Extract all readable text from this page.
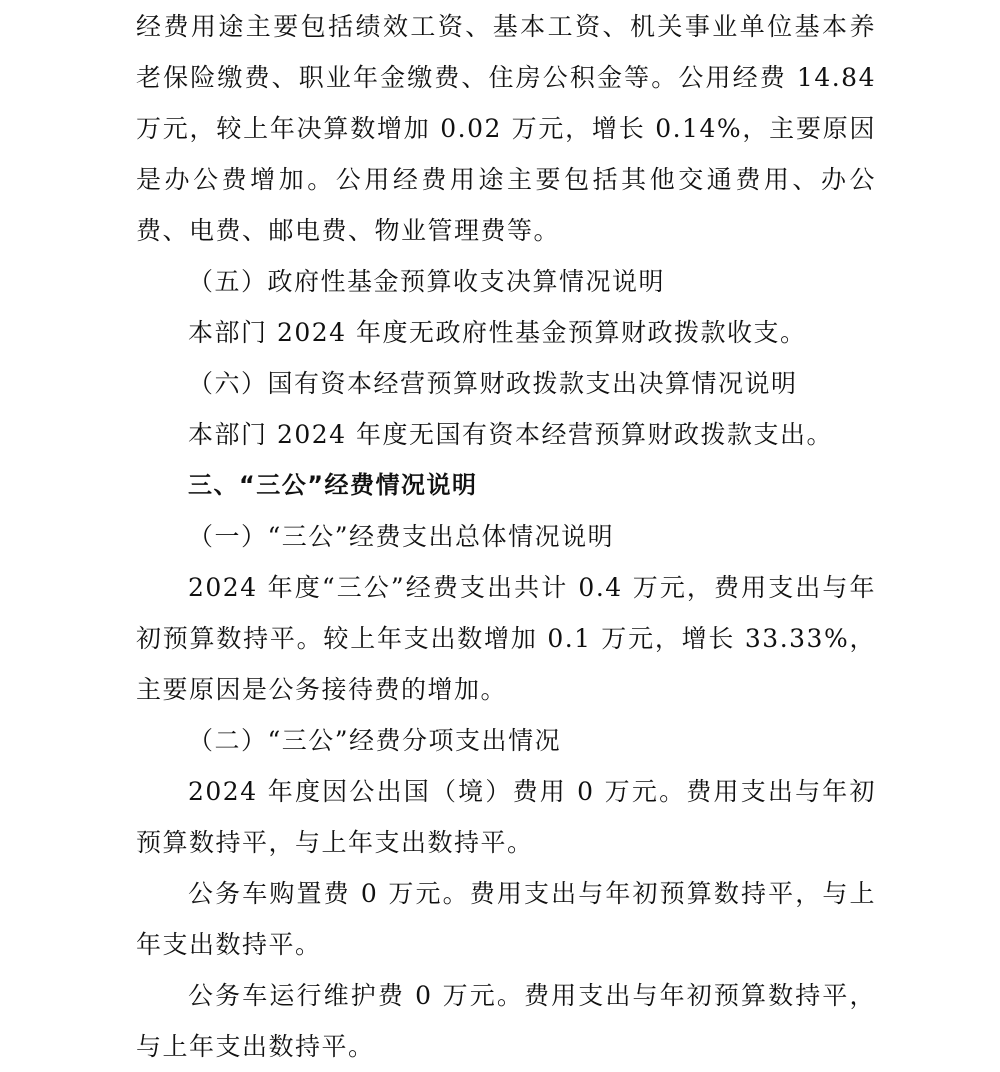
经费用途主要包括绩效工资、基本工资、机关事业单位基本养老保险缴费、职业年金缴费、住房公积金等。公用经费 14.84 万元，较上年决算数增加 0.02 万元，增长 0.14%，主要原因是办公费增加。公用经费用途主要包括其他交通费用、办公费、电费、邮电费、物业管理费等。

（五）政府性基金预算收支决算情况说明

本部门 2024 年度无政府性基金预算财政拨款收支。

（六）国有资本经营预算财政拨款支出决算情况说明

本部门 2024 年度无国有资本经营预算财政拨款支出。

三、“三公”经费情况说明

（一）“三公”经费支出总体情况说明

2024 年度“三公”经费支出共计 0.4 万元，费用支出与年初预算数持平。较上年支出数增加 0.1 万元，增长 33.33%，主要原因是公务接待费的增加。

（二）“三公”经费分项支出情况

2024 年度因公出国（境）费用 0 万元。费用支出与年初预算数持平，与上年支出数持平。

公务车购置费 0 万元。费用支出与年初预算数持平，与上年支出数持平。

公务车运行维护费 0 万元。费用支出与年初预算数持平，与上年支出数持平。
